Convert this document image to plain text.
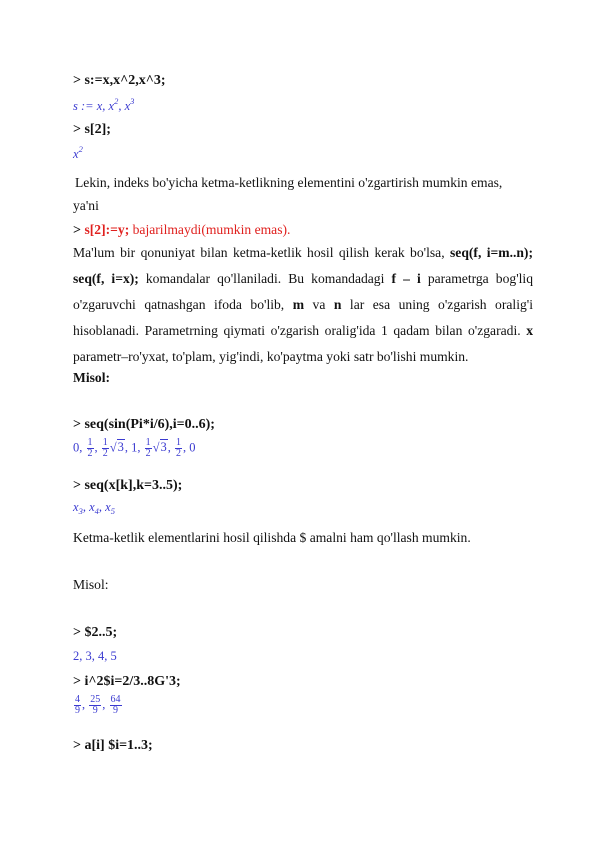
> s:=x,x^2,x^3;
s := x, $x^2$, $x^3$
> s[2];
$x^2$
Lekin, indeks bo'yicha ketma-ketlikning elementini o'zgartirish mumkin emas,
ya'ni
> s[2]:=y; bajarilmaydi(mumkin emas).
Ma'lum bir qonuniyat bilan ketma-ketlik hosil qilish kerak bo'lsa, seq(f, i=m..n);
seq(f, i=x); komandalar qo'llaniladi. Bu komandadagi f – i parametrga bog'liq
o'zgaruvchi qatnashgan ifoda bo'lib, m va n lar esa uning o'zgarish oralig'i
hisoblanadi. Parametrning qiymati o'zgarish oralig'ida 1 qadam bilan o'zgaradi. x
parametr–ro'yxat, to'plam, yig'indi, ko'paytma yoki satr bo'lishi mumkin.
Misol:
> seq(sin(Pi*i/6),i=0..6);
0, $\frac{1}{2}$ , $\frac{1}{2} √3$, 1, $\frac{1}{2} √3$, $\frac{1}{2}$ , 0
> seq(x[k],k=3..5);
$x_3$, $x_4$, $x_5$
Ketma-ketlik elementlarini hosil qilishda $ amalni ham qo'llash mumkin.
Misol:
> $2..5;
2, 3, 4, 5
> i^2$i=2/3..8G'3;
$\frac{4}{9}$ , $\frac{25}{9}$ , $\frac{64}{9}$
> a[i] $i=1..3;
